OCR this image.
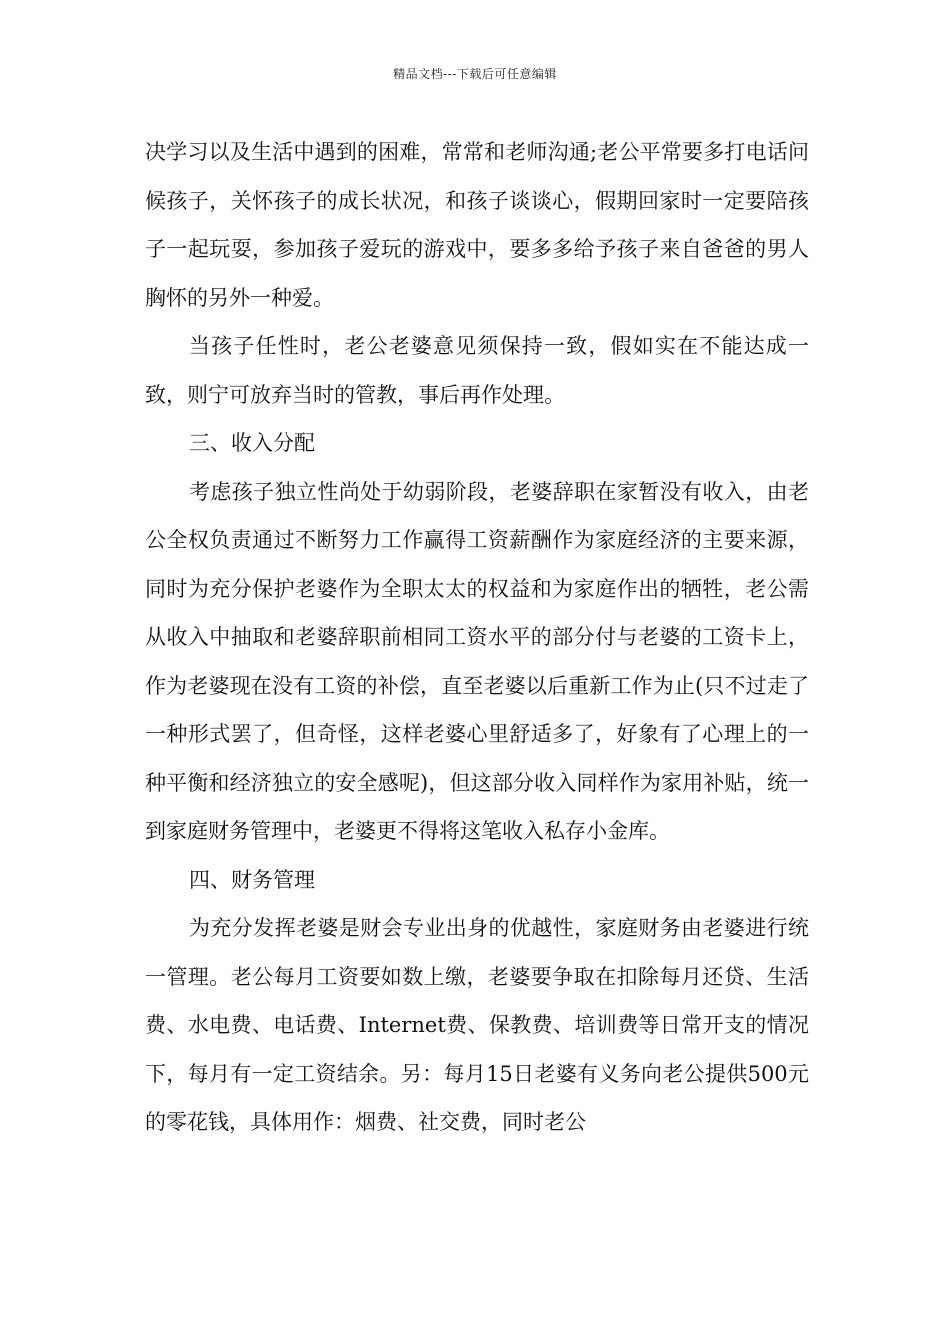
精品文档---下载后可任意编辑

决学习以及生活中遇到的困难，常常和老师沟通;老公平常要多打电话问候孩子，关怀孩子的成长状况，和孩子谈谈心，假期回家时一定要陪孩子一起玩耍，参加孩子爱玩的游戏中，要多多给予孩子来自爸爸的男人胸怀的另外一种爱。

当孩子任性时，老公老婆意见须保持一致，假如实在不能达成一致，则宁可放弃当时的管教，事后再作处理。

三、收入分配

考虑孩子独立性尚处于幼弱阶段，老婆辞职在家暂没有收入，由老公全权负责通过不断努力工作赢得工资薪酬作为家庭经济的主要来源，同时为充分保护老婆作为全职太太的权益和为家庭作出的牺牲，老公需从收入中抽取和老婆辞职前相同工资水平的部分付与老婆的工资卡上，作为老婆现在没有工资的补偿，直至老婆以后重新工作为止(只不过走了一种形式罢了，但奇怪，这样老婆心里舒适多了，好象有了心理上的一种平衡和经济独立的安全感呢)，但这部分收入同样作为家用补贴，统一到家庭财务管理中，老婆更不得将这笔收入私存小金库。

四、财务管理

为充分发挥老婆是财会专业出身的优越性，家庭财务由老婆进行统一管理。老公每月工资要如数上缴，老婆要争取在扣除每月还贷、生活费、水电费、电话费、Internet费、保教费、培训费等日常开支的情况下，每月有一定工资结余。另：每月15日老婆有义务向老公提供500元的零花钱，具体用作：烟费、社交费，同时老公
